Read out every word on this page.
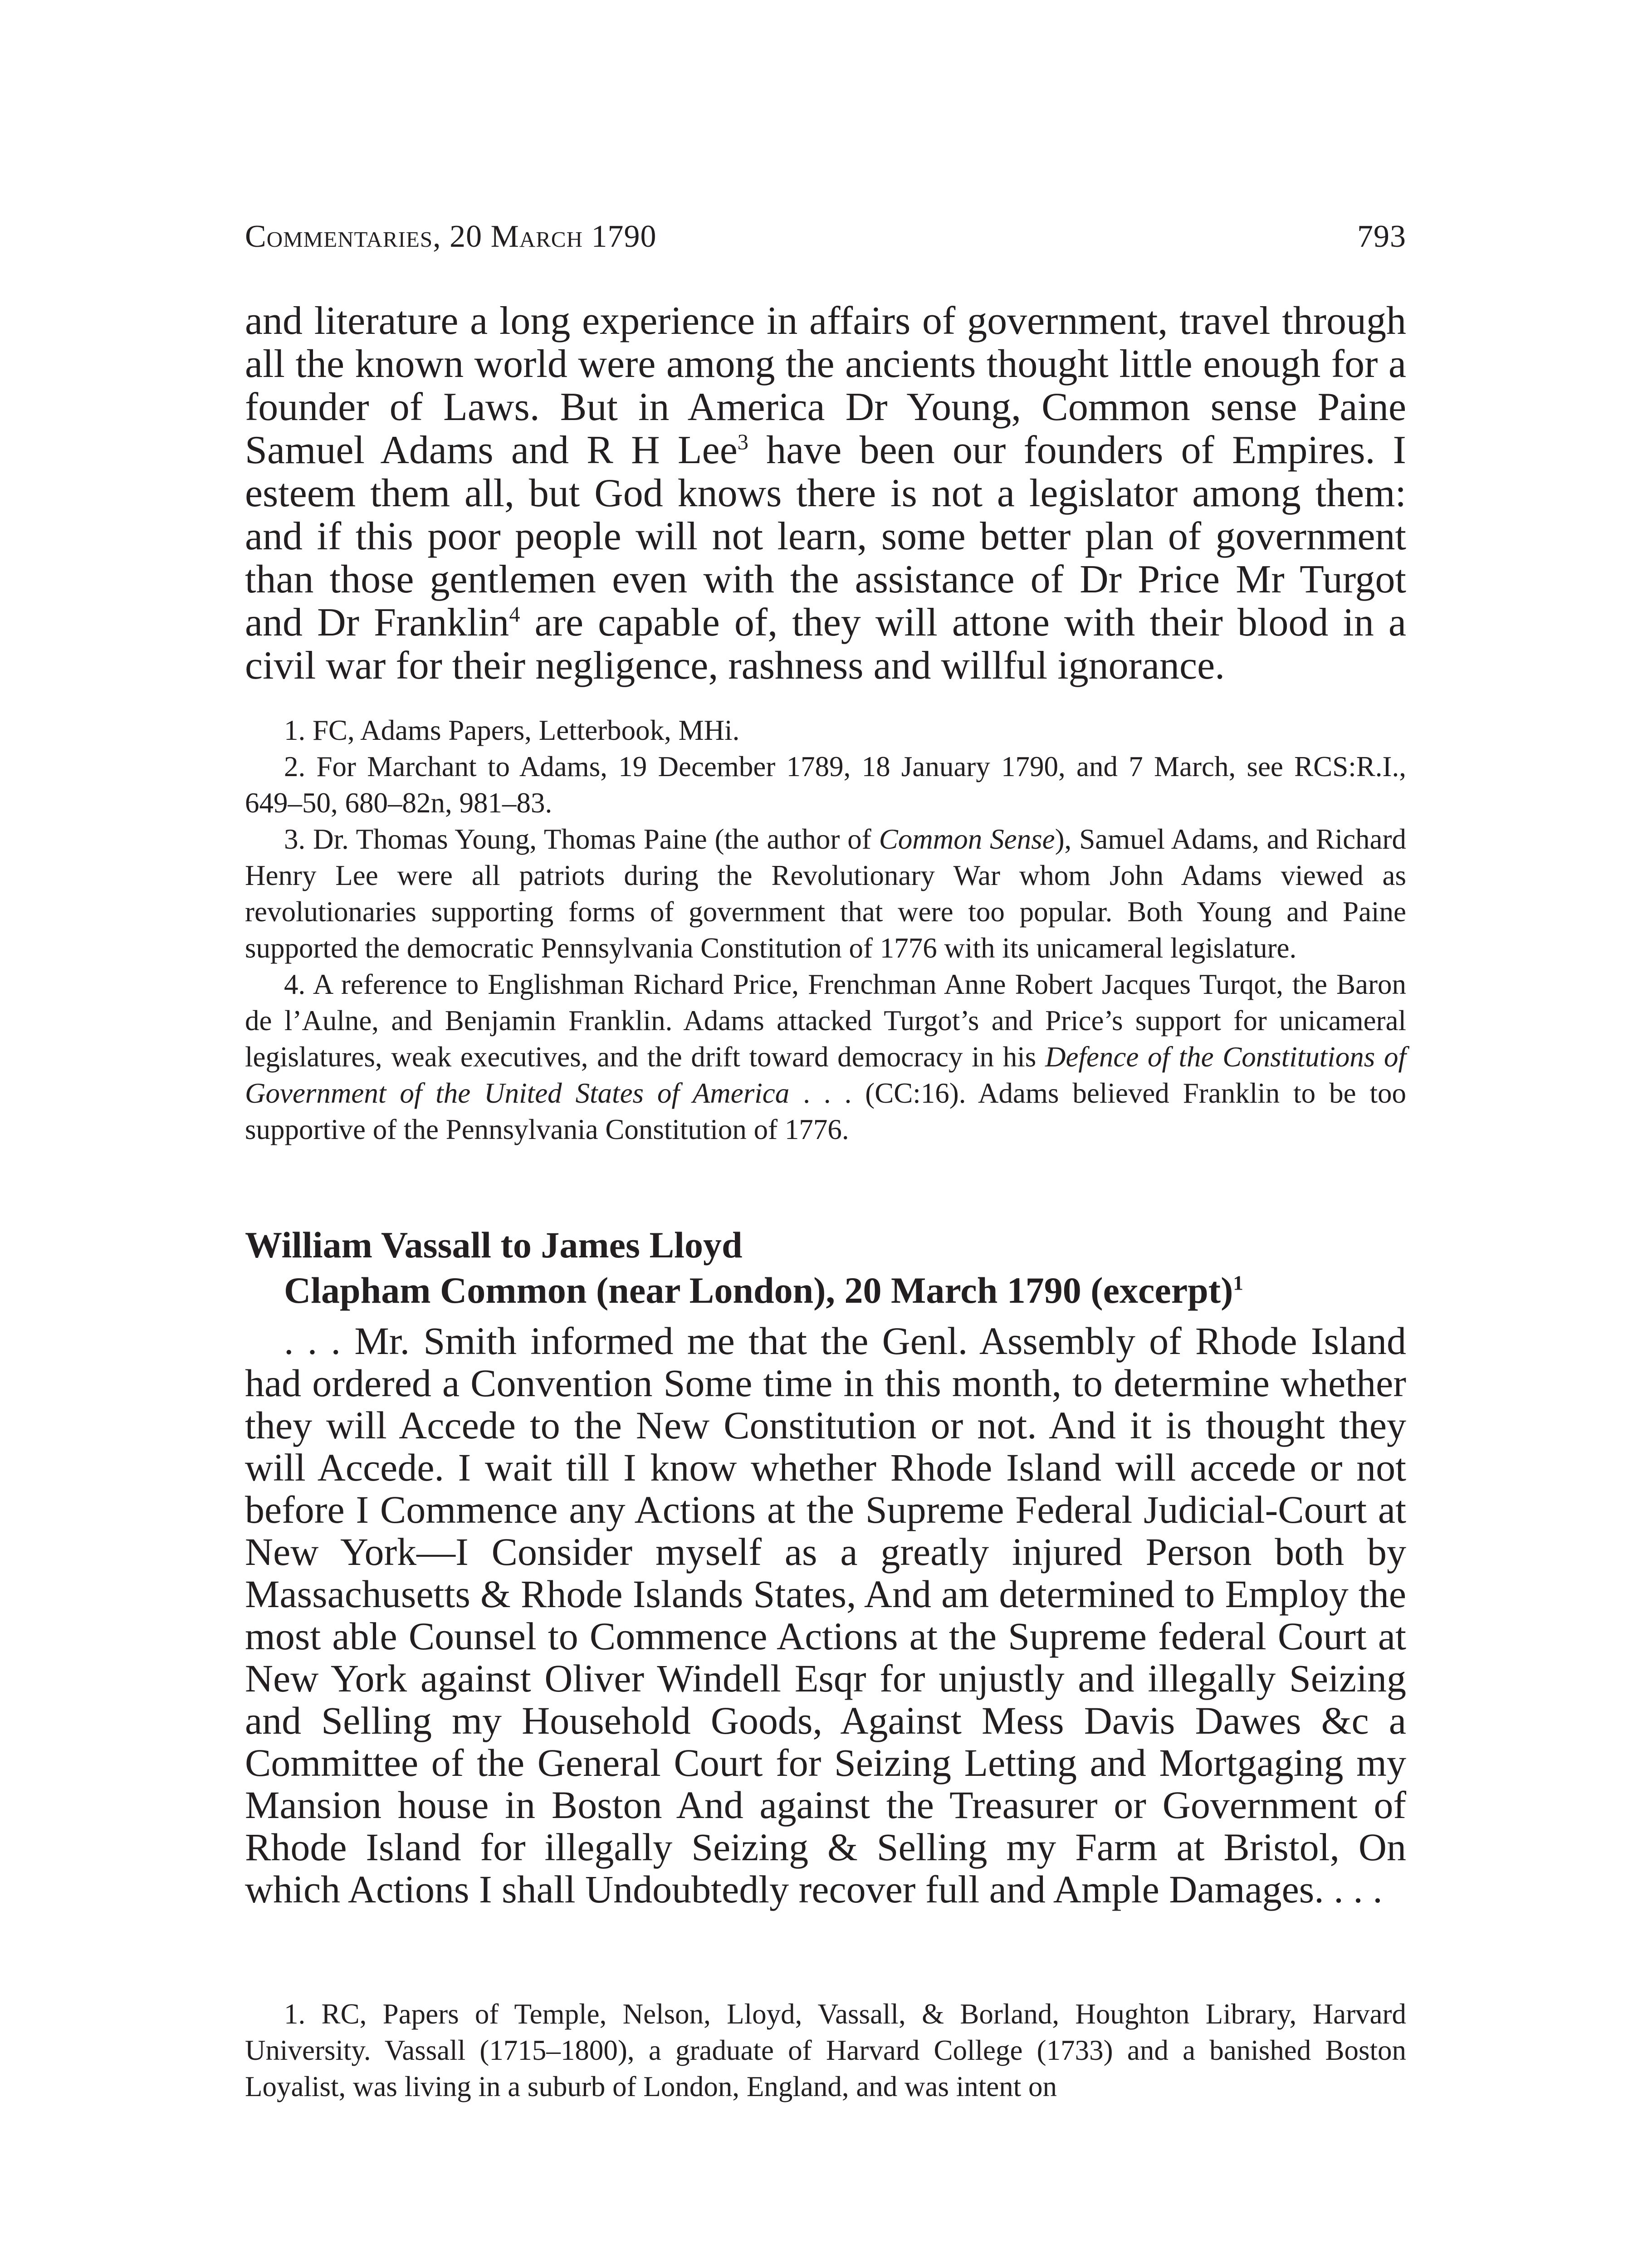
Commentaries, 20 March 1790	793

and literature a long experience in affairs of government, travel through all the known world were among the ancients thought little enough for a founder of Laws. But in America Dr Young, Common sense Paine Samuel Adams and R H Lee$^3$ have been our founders of Empires. I esteem them all, but God knows there is not a legislator among them: and if this poor people will not learn, some better plan of government than those gentlemen even with the assistance of Dr Price Mr Turgot and Dr Franklin$^4$ are capable of, they will attone with their blood in a civil war for their negligence, rashness and willful ignorance.

1. FC, Adams Papers, Letterbook, MHi.

2. For Marchant to Adams, 19 December 1789, 18 January 1790, and 7 March, see RCS:R.I., 649–50, 680–82n, 981–83.

3. Dr. Thomas Young, Thomas Paine (the author of Common Sense), Samuel Adams, and Richard Henry Lee were all patriots during the Revolutionary War whom John Adams viewed as revolutionaries supporting forms of government that were too popular. Both Young and Paine supported the democratic Pennsylvania Constitution of 1776 with its unicameral legislature.

4. A reference to Englishman Richard Price, Frenchman Anne Robert Jacques Turqot, the Baron de l’Aulne, and Benjamin Franklin. Adams attacked Turgot’s and Price’s support for unicameral legislatures, weak executives, and the drift toward democracy in his Defence of the Constitutions of Government of the United States of America . . . (CC:16). Adams believed Franklin to be too supportive of the Pennsylvania Constitution of 1776.

William Vassall to James Lloyd
Clapham Common (near London), 20 March 1790 (excerpt)$^1$

. . . Mr. Smith informed me that the Genl. Assembly of Rhode Island had ordered a Convention Some time in this month, to determine whether they will Accede to the New Constitution or not. And it is thought they will Accede. I wait till I know whether Rhode Island will accede or not before I Commence any Actions at the Supreme Federal Judicial-Court at New York—I Consider myself as a greatly injured Person both by Massachusetts & Rhode Islands States, And am determined to Employ the most able Counsel to Commence Actions at the Supreme federal Court at New York against Oliver Windell Esqr for unjustly and illegally Seizing and Selling my Household Goods, Against Mess Davis Dawes &c a Committee of the General Court for Seizing Letting and Mortgaging my Mansion house in Boston And against the Treasurer or Government of Rhode Island for illegally Seizing & Selling my Farm at Bristol, On which Actions I shall Undoubtedly recover full and Ample Damages. . . .

1. RC, Papers of Temple, Nelson, Lloyd, Vassall, & Borland, Houghton Library, Harvard University. Vassall (1715–1800), a graduate of Harvard College (1733) and a banished Boston Loyalist, was living in a suburb of London, England, and was intent on
